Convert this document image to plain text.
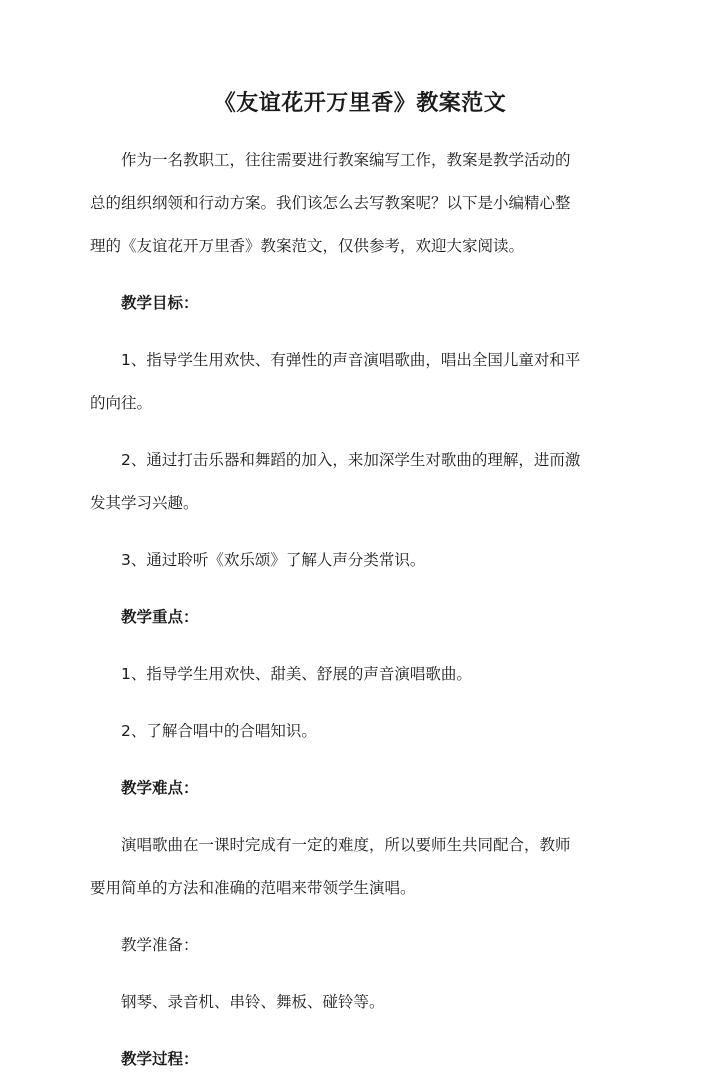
《友谊花开万里香》教案范文
作为一名教职工，往往需要进行教案编写工作，教案是教学活动的
总的组织纲领和行动方案。我们该怎么去写教案呢？以下是小编精心整
理的《友谊花开万里香》教案范文，仅供参考，欢迎大家阅读。
教学目标：
1、指导学生用欢快、有弹性的声音演唱歌曲，唱出全国儿童对和平
的向往。
2、通过打击乐器和舞蹈的加入，来加深学生对歌曲的理解，进而激
发其学习兴趣。
3、通过聆听《欢乐颂》了解人声分类常识。
教学重点：
1、指导学生用欢快、甜美、舒展的声音演唱歌曲。
2、了解合唱中的合唱知识。
教学难点：
演唱歌曲在一课时完成有一定的难度，所以要师生共同配合，教师
要用简单的方法和准确的范唱来带领学生演唱。
教学准备：
钢琴、录音机、串铃、舞板、碰铃等。
教学过程：
